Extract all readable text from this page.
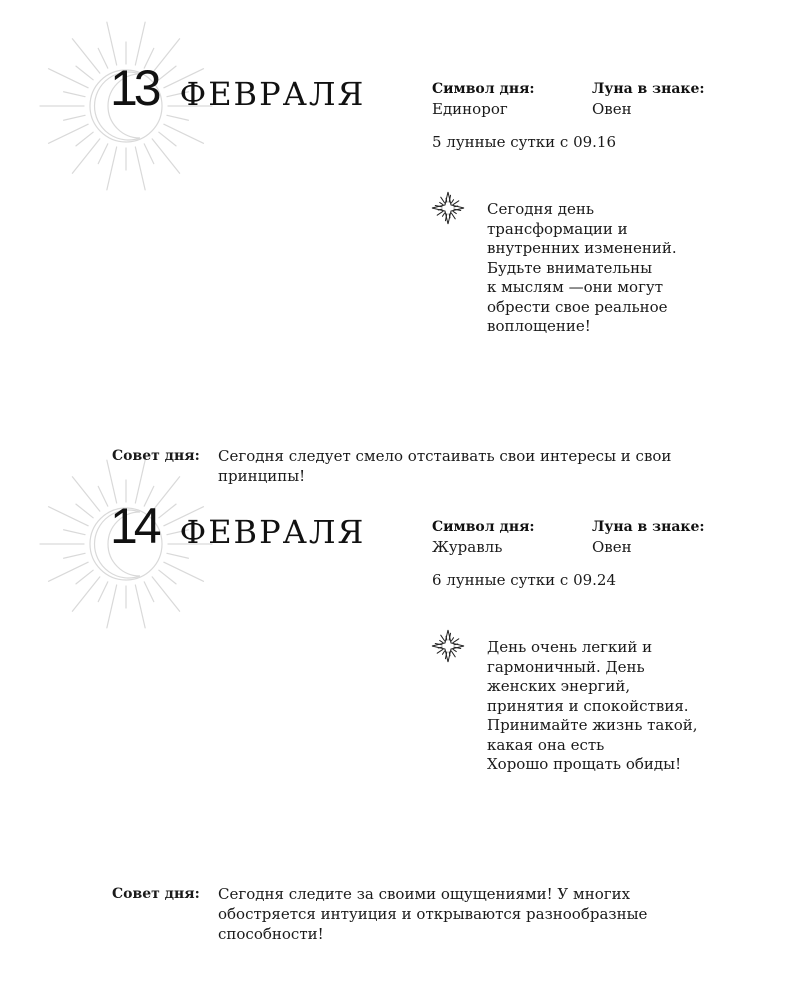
13 февраля	Символ дня:
Единорог
Луна в знаке:
Овен
5 лунные сутки с 09.16
Сегодня день
трансформации и
внутренних изменений.
Будьте внимательны
к мыслям —они могут
обрести свое реальное
воплощение!
Совет дня: Сегодня следует смело отстаивать свои интересы и свои
принципы!
14 февраля	Символ дня:
Журавль
Луна в знаке:
Овен
6 лунные сутки с 09.24
День очень легкий и
гармоничный. День
женских энергий,
принятия и спокойствия.
Принимайте жизнь такой,
какая она есть
Хорошо прощать обиды!
Совет дня: Сегодня следите за своими ощущениями! У многих
обостряется интуиция и открываются разнообразные
способности!
